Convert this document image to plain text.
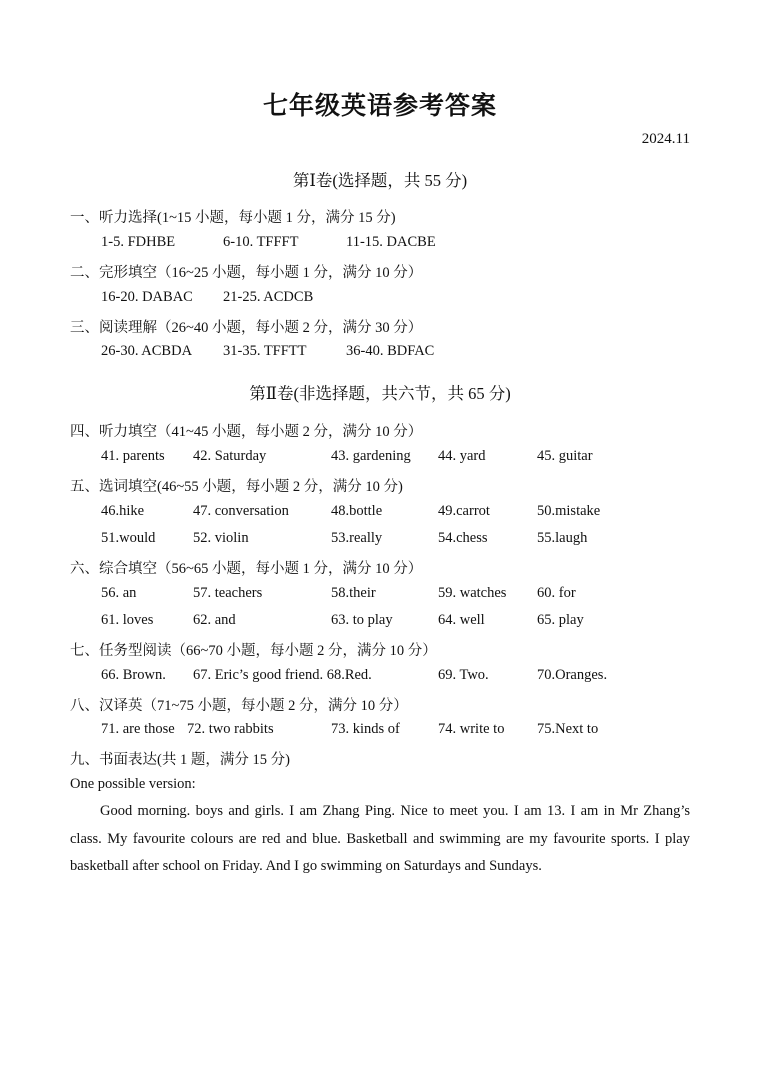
七年级英语参考答案
2024.11
第Ⅰ卷(选择题，共 55 分)
一、听力选择(1~15 小题，每小题 1 分，满分 15 分)
1-5. FDHBE	6-10. TFFFT	11-15. DACBE
二、完形填空（16~25 小题，每小题 1 分，满分 10 分）
16-20. DABAC 21-25. ACDCB
三、阅读理解（26~40 小题，每小题 2 分，满分 30 分）
26-30. ACBDA 31-35. TFFTT	36-40. BDFAC
第Ⅱ卷(非选择题，共六节，共 65 分)
四、听力填空（41~45 小题，每小题 2 分，满分 10 分）
41. parents 42. Saturday	43. gardening 44. yard	45. guitar
五、选词填空(46~55 小题，每小题 2 分，满分 10 分)
46.hike	47. conversation	48.bottle	49.carrot	50.mistake
51.would	52. violin	53.really	54.chess	55.laugh
六、综合填空（56~65 小题，每小题 1 分，满分 10 分）
56. an	57. teachers	58.their	59. watches 60. for
61. loves	62. and	63. to play	64. well	65. play
七、任务型阅读（66~70 小题，每小题 2 分，满分 10 分）
66. Brown. 67. Eric’s good friend. 68.Red.	69. Two.	70.Oranges.
八、汉译英（71~75 小题，每小题 2 分，满分 10 分）
71. are those 72. two rabbits	73. kinds of	74. write to 75.Next to
九、书面表达(共 1 题，满分 15 分)
One possible version:

Good morning. boys and girls. I am Zhang Ping. Nice to meet you. I am 13. I am in Mr Zhang’s class. My favourite colours are red and blue. Basketball and swimming are my favourite sports. I play basketball after school on Friday. And I go swimming on Saturdays and Sundays.
